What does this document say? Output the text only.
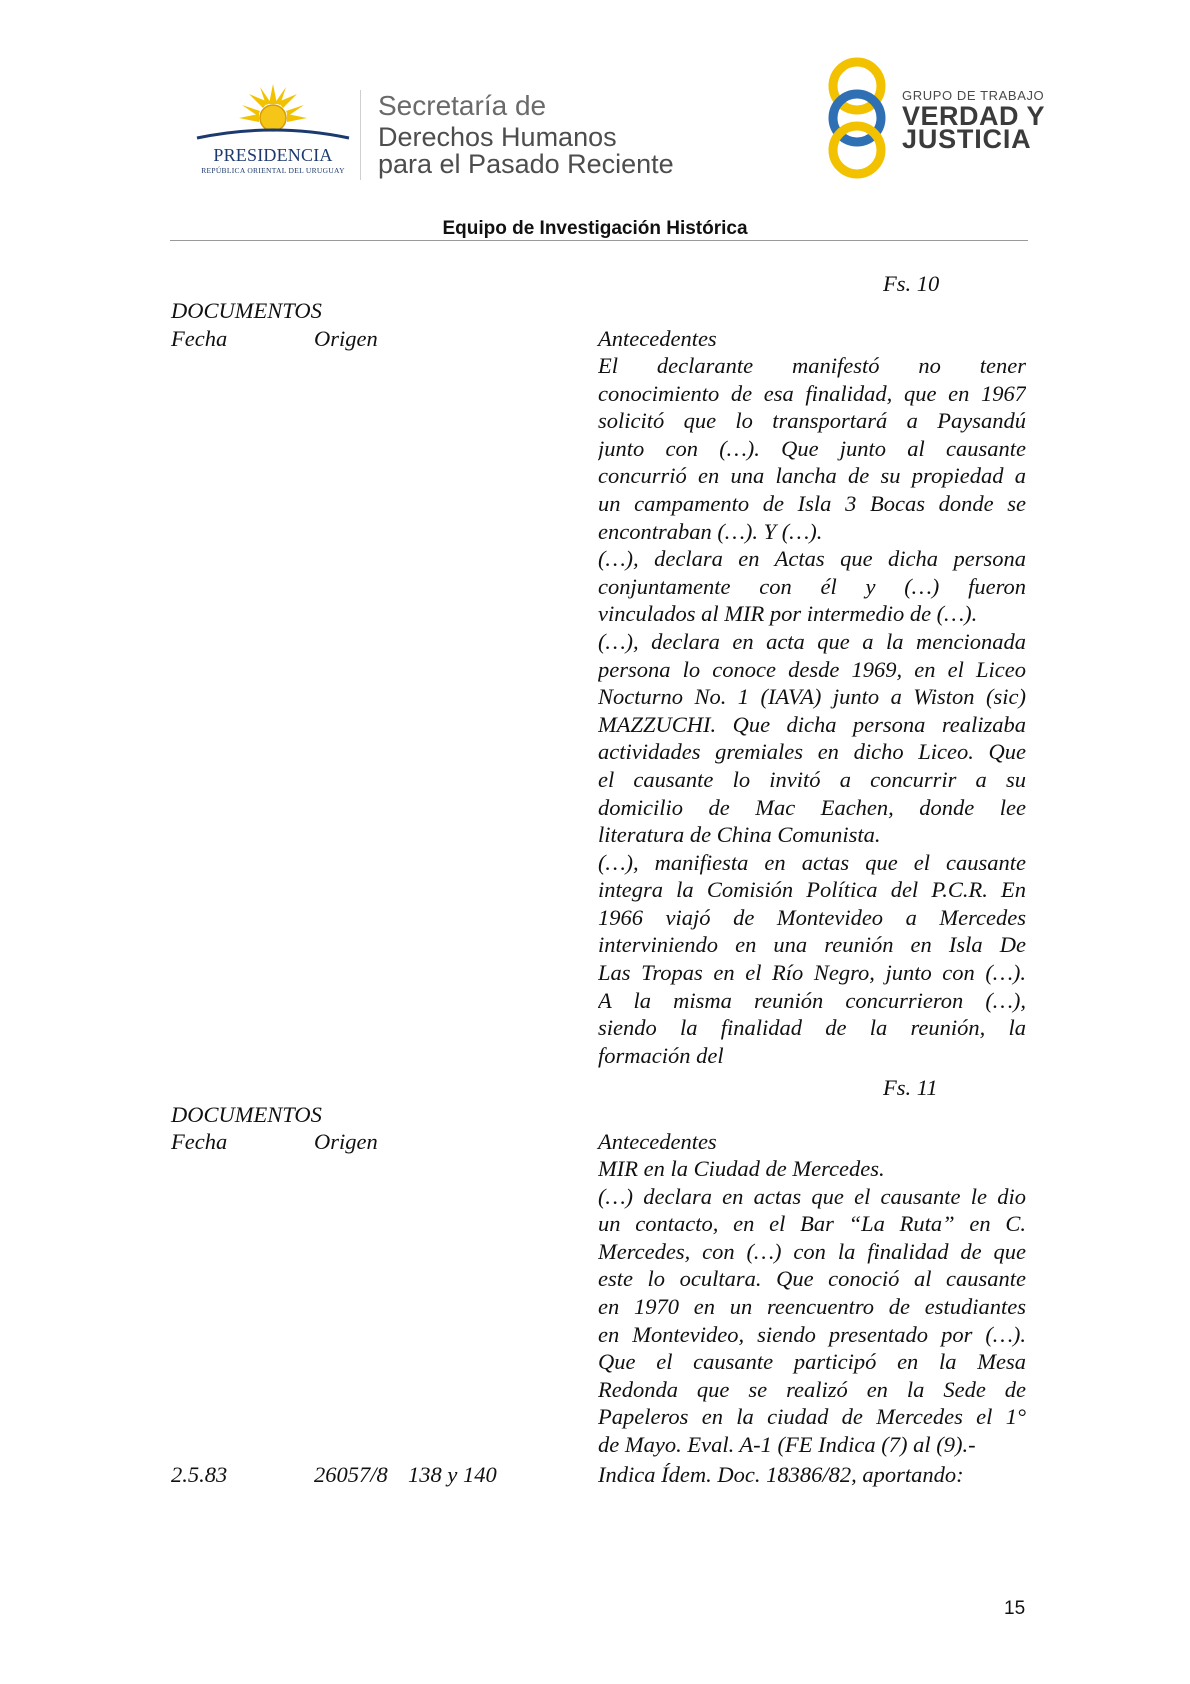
PRESIDENCIA
REPÚBLICA ORIENTAL DEL URUGUAY
Secretaría de
Derechos Humanos
para el Pasado Reciente
GRUPO DE TRABAJO
VERDAD Y
JUSTICIA
Equipo de Investigación Histórica
Fs. 10
DOCUMENTOS
Fecha	Origen	Antecedentes
El declarante manifestó no tener
conocimiento de esa finalidad, que en 1967
solicitó que lo transportará a Paysandú
junto con (…). Que junto al causante
concurrió en una lancha de su propiedad a
un campamento de Isla 3 Bocas donde se
encontraban (…). Y (…).
(…), declara en Actas que dicha persona
conjuntamente con él y (…) fueron
vinculados al MIR por intermedio de (…).
(…), declara en acta que a la mencionada
persona lo conoce desde 1969, en el Liceo
Nocturno No. 1 (IAVA) junto a Wiston (sic)
MAZZUCHI. Que dicha persona realizaba
actividades gremiales en dicho Liceo. Que
el causante lo invitó a concurrir a su
domicilio de Mac Eachen, donde lee
literatura de China Comunista.
(…), manifiesta en actas que el causante
integra la Comisión Política del P.C.R. En
1966 viajó de Montevideo a Mercedes
interviniendo en una reunión en Isla De
Las Tropas en el Río Negro, junto con (…).
A la misma reunión concurrieron (…),
siendo la finalidad de la reunión, la
formación del
Fs. 11
DOCUMENTOS
Fecha	Origen	Antecedentes
MIR en la Ciudad de Mercedes.
(…) declara en actas que el causante le dio
un contacto, en el Bar “La Ruta” en C.
Mercedes, con (…) con la finalidad de que
este lo ocultara. Que conoció al causante
en 1970 en un reencuentro de estudiantes
en Montevideo, siendo presentado por (…).
Que el causante participó en la Mesa
Redonda que se realizó en la Sede de
Papeleros en la ciudad de Mercedes el 1°
de Mayo. Eval. A-1 (FE Indica (7) al (9).-
2.5.83	26057/8 138 y 140	Indica Ídem. Doc. 18386/82, aportando:
15
